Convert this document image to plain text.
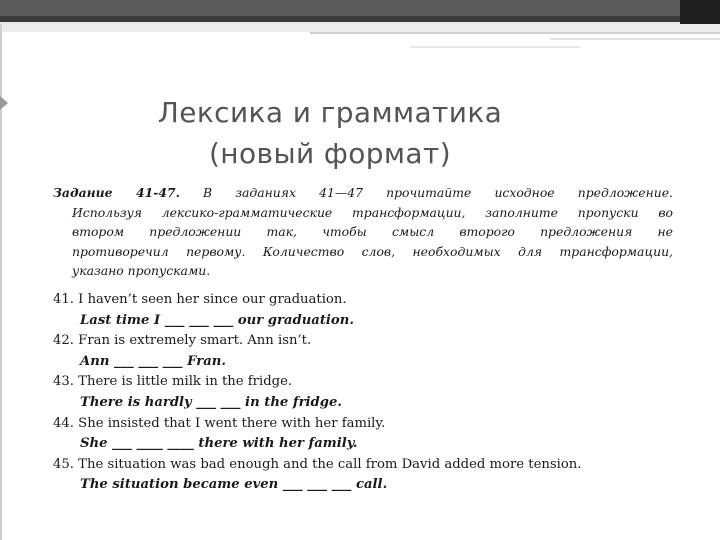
Лексика и грамматика
(новый формат)
Задание 41-47. В заданиях 41—47 прочитайте исходное предложение.
Используя лексико-грамматические трансформации, заполните пропуски во
втором предложении так, чтобы смысл второго предложения не
противоречил первому. Количество слов, необходимых для трансформации,
указано пропусками.
41. I haven’t seen her since our graduation.
Last time I ___ ___ ___ our graduation.
42. Fran is extremely smart. Ann isn’t.
Ann ___ ___ ___ Fran.
43. There is little milk in the fridge.
There is hardly ___ ___ in the fridge.
44. She insisted that I went there with her family.
She ___ ____ ____ there with her family.
45. The situation was bad enough and the call from David added more tension.
The situation became even ___ ___ ___ call.
